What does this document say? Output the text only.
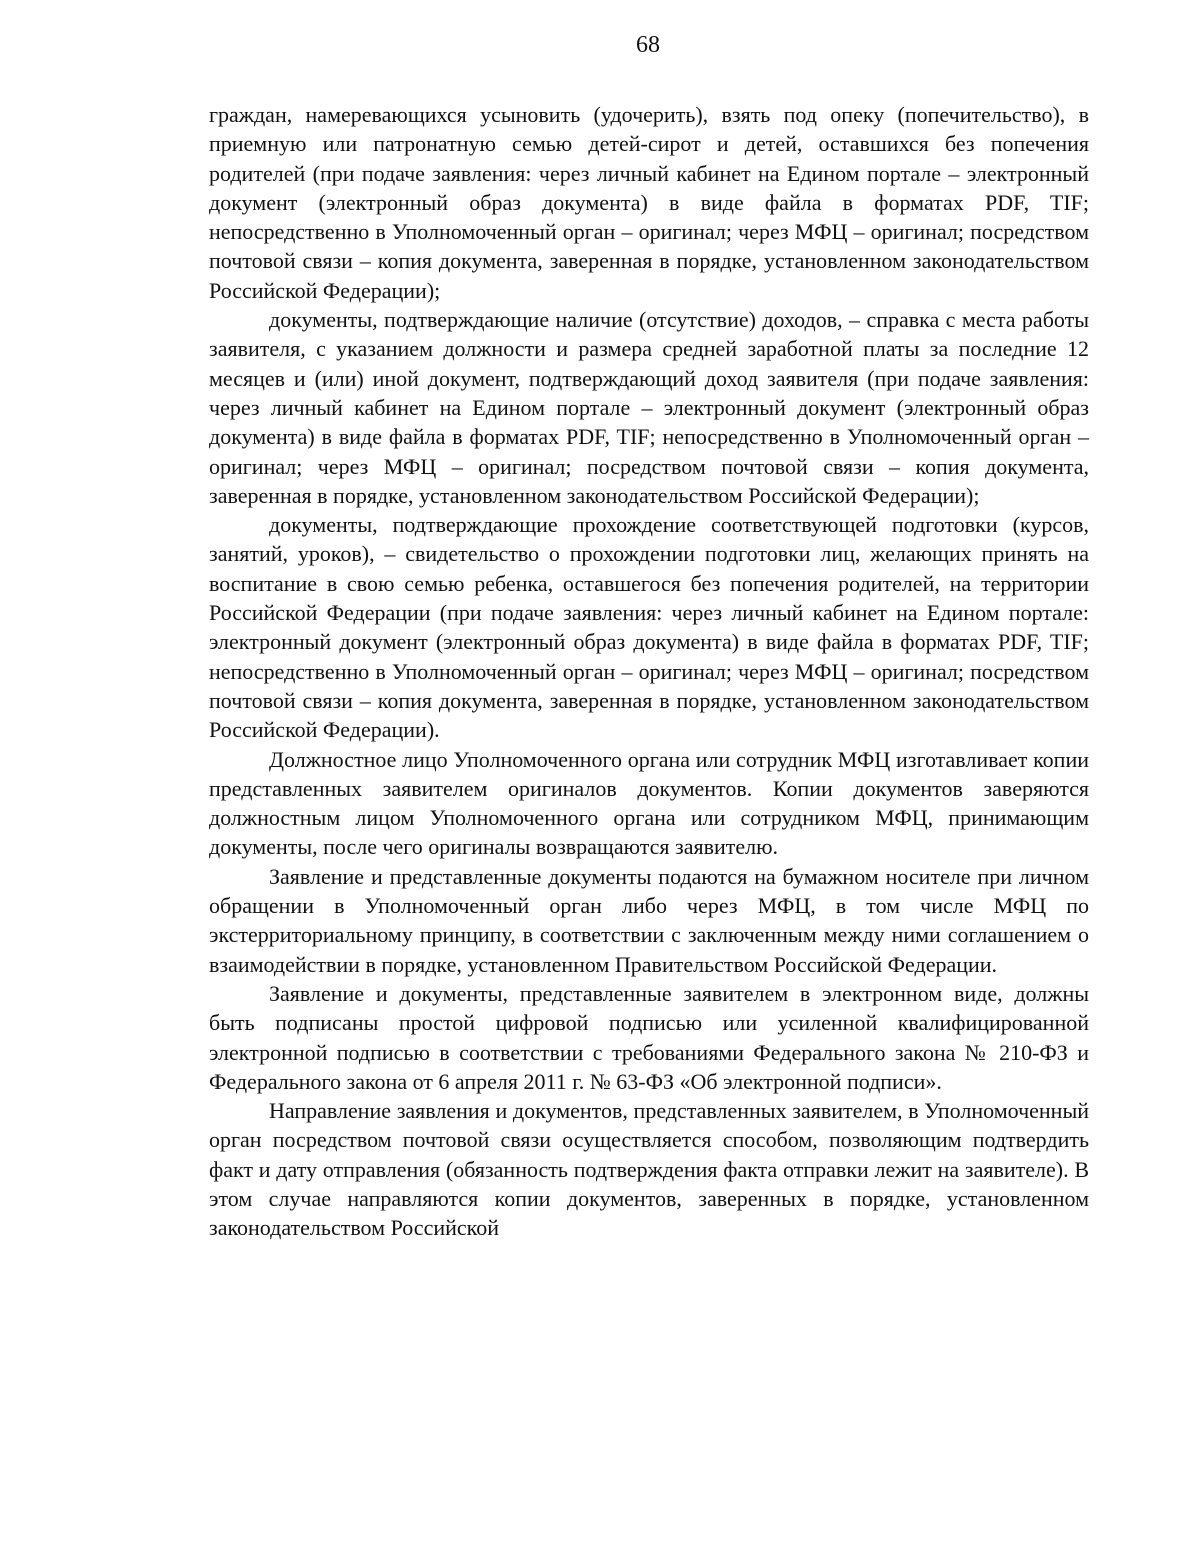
68

граждан, намеревающихся усыновить (удочерить), взять под опеку (попечительство), в приемную или патронатную семью детей-сирот и детей, оставшихся без попечения родителей (при подаче заявления: через личный кабинет на Едином портале – электронный документ (электронный образ документа) в виде файла в форматах PDF, TIF; непосредственно в Уполномоченный орган – оригинал; через МФЦ – оригинал; посредством почтовой связи – копия документа, заверенная в порядке, установленном законодательством Российской Федерации);

документы, подтверждающие наличие (отсутствие) доходов, – справка с места работы заявителя, с указанием должности и размера средней заработной платы за последние 12 месяцев и (или) иной документ, подтверждающий доход заявителя (при подаче заявления: через личный кабинет на Едином портале – электронный документ (электронный образ документа) в виде файла в форматах PDF, TIF; непосредственно в Уполномоченный орган – оригинал; через МФЦ – оригинал; посредством почтовой связи – копия документа, заверенная в порядке, установленном законодательством Российской Федерации);

документы, подтверждающие прохождение соответствующей подготовки (курсов, занятий, уроков), – свидетельство о прохождении подготовки лиц, желающих принять на воспитание в свою семью ребенка, оставшегося без попечения родителей, на территории Российской Федерации (при подаче заявления: через личный кабинет на Едином портале: электронный документ (электронный образ документа) в виде файла в форматах PDF, TIF; непосредственно в Уполномоченный орган – оригинал; через МФЦ – оригинал; посредством почтовой связи – копия документа, заверенная в порядке, установленном законодательством Российской Федерации).

Должностное лицо Уполномоченного органа или сотрудник МФЦ изготавливает копии представленных заявителем оригиналов документов. Копии документов заверяются должностным лицом Уполномоченного органа или сотрудником МФЦ, принимающим документы, после чего оригиналы возвращаются заявителю.

Заявление и представленные документы подаются на бумажном носителе при личном обращении в Уполномоченный орган либо через МФЦ, в том числе МФЦ по экстерриториальному принципу, в соответствии с заключенным между ними соглашением о взаимодействии в порядке, установленном Правительством Российской Федерации.

Заявление и документы, представленные заявителем в электронном виде, должны быть подписаны простой цифровой подписью или усиленной квалифицированной электронной подписью в соответствии с требованиями Федерального закона № 210-ФЗ и Федерального закона от 6 апреля 2011 г. № 63-ФЗ «Об электронной подписи».

Направление заявления и документов, представленных заявителем, в Уполномоченный орган посредством почтовой связи осуществляется способом, позволяющим подтвердить факт и дату отправления (обязанность подтверждения факта отправки лежит на заявителе). В этом случае направляются копии документов, заверенных в порядке, установленном законодательством Российской
